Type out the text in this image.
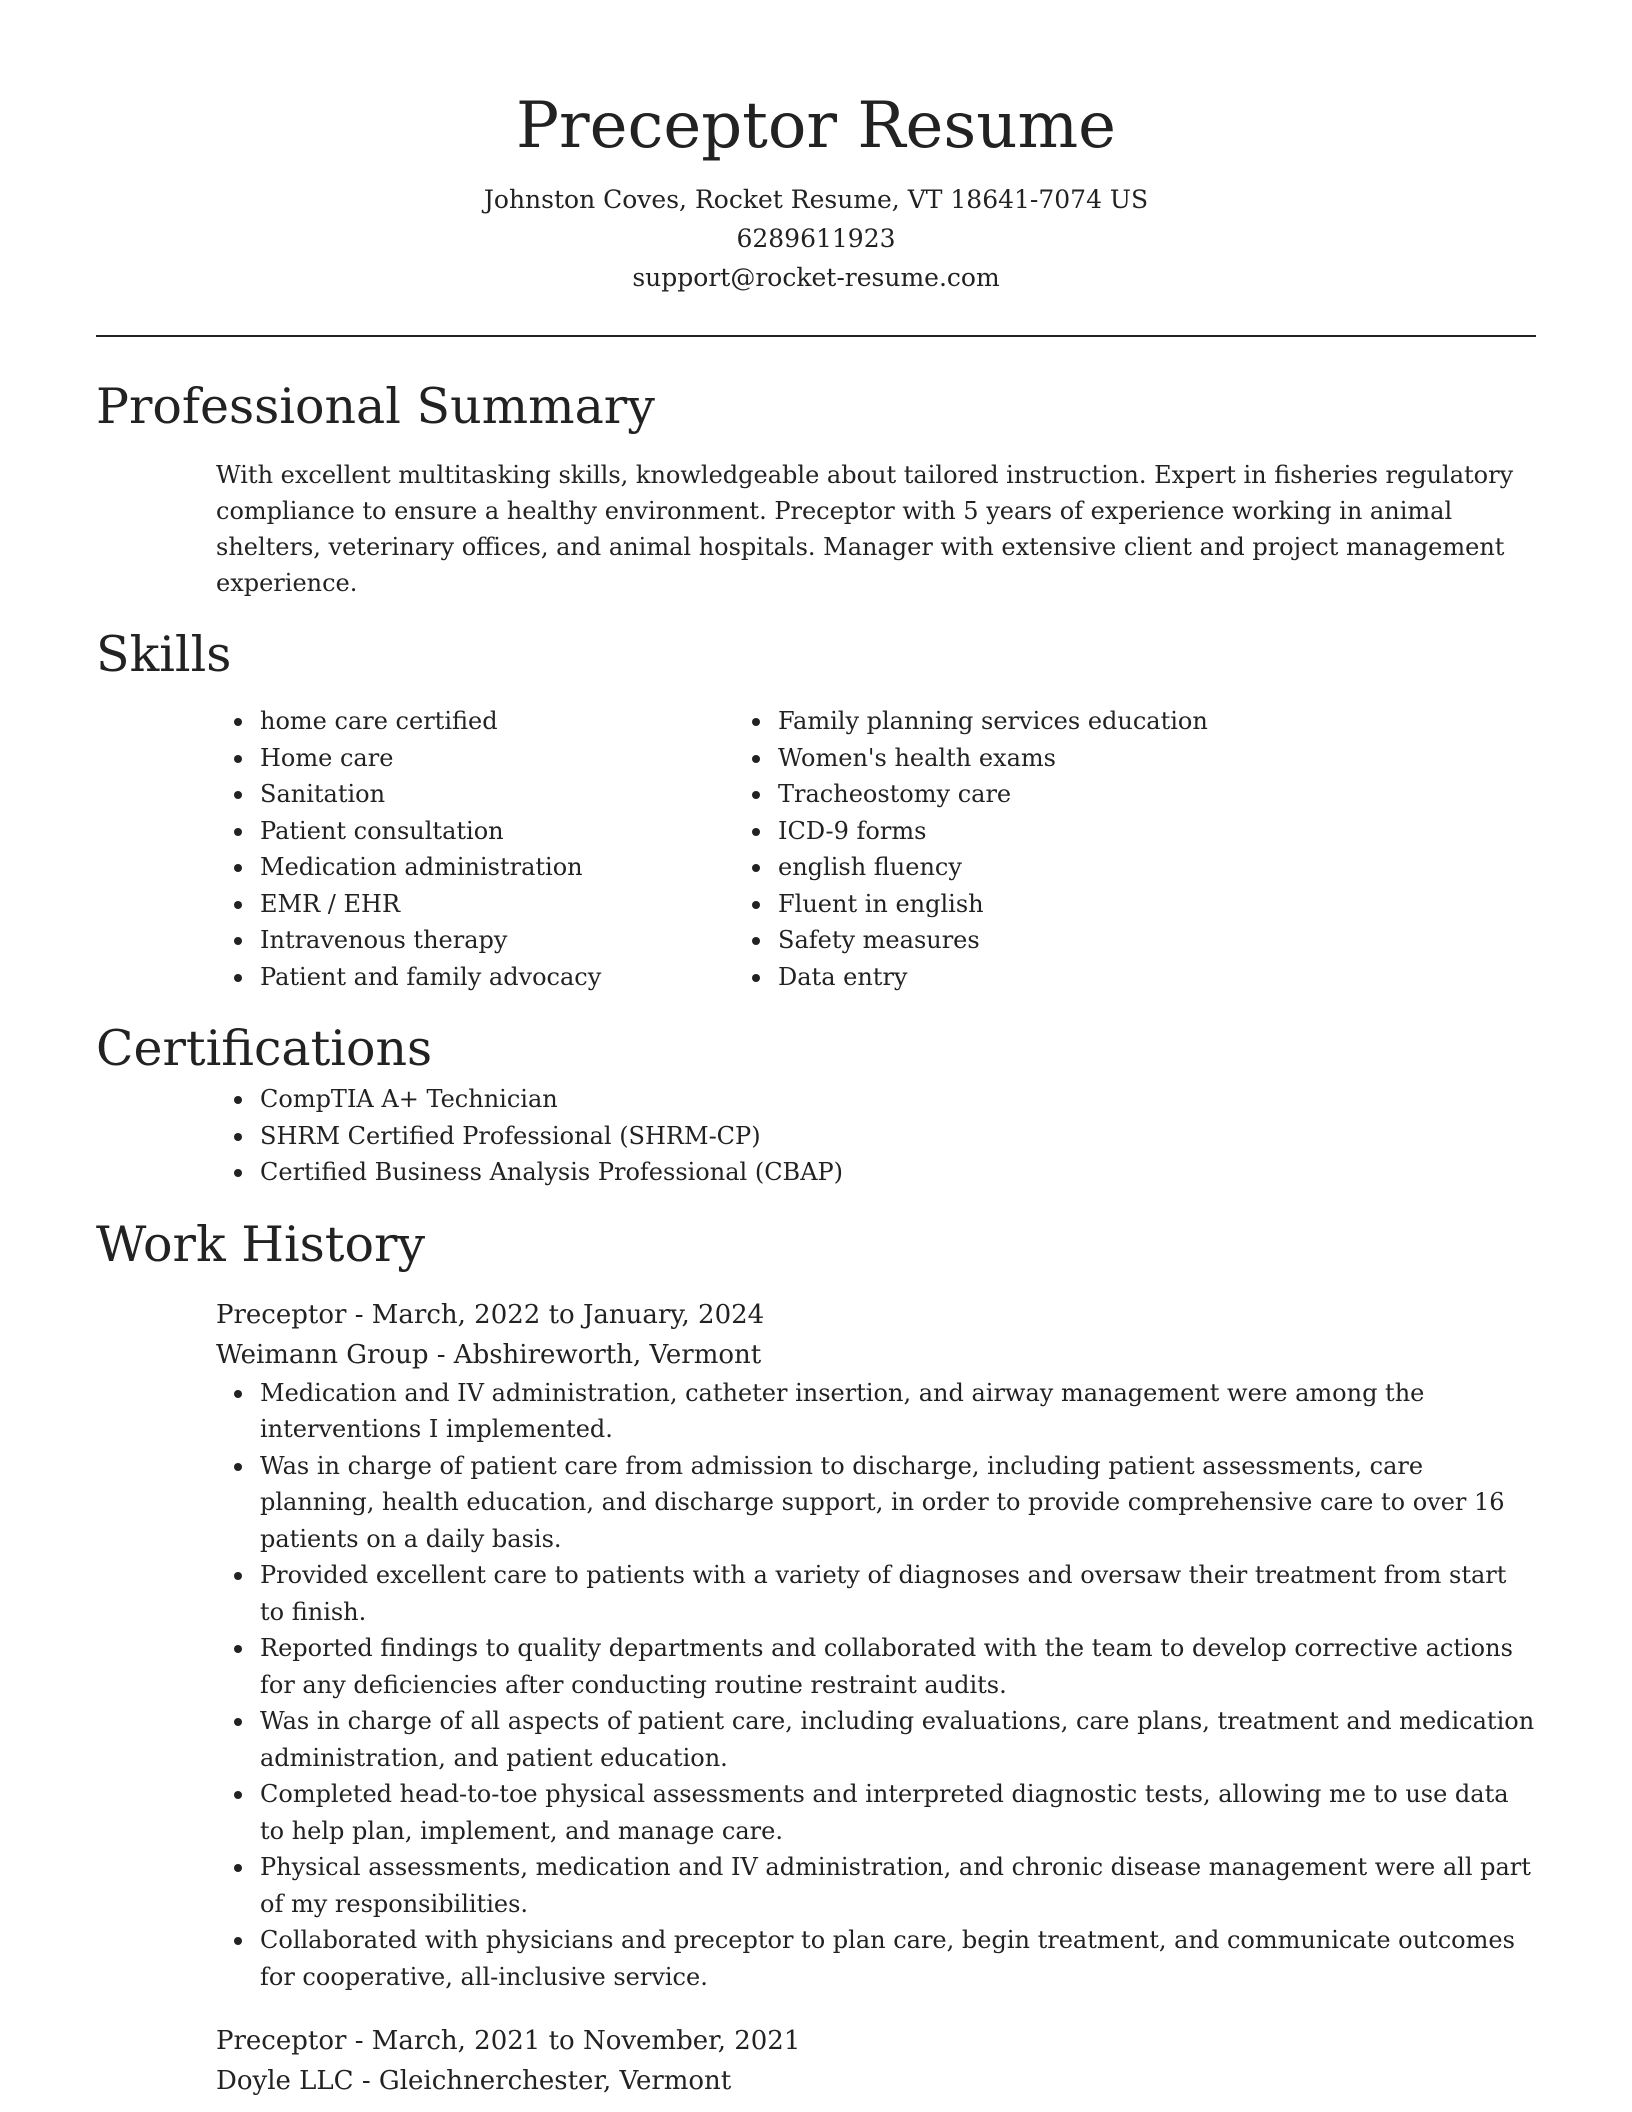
Preceptor Resume

Johnston Coves, Rocket Resume, VT 18641-7074 US

6289611923

support@rocket-resume.com

Professional Summary

With excellent multitasking skills, knowledgeable about tailored instruction. Expert in fisheries regulatory compliance to ensure a healthy environment. Preceptor with 5 years of experience working in animal shelters, veterinary offices, and animal hospitals. Manager with extensive client and project management experience.

Skills
home care certified
Home care
Sanitation
Patient consultation
Medication administration
EMR / EHR
Intravenous therapy
Patient and family advocacy
Family planning services education
Women's health exams
Tracheostomy care
ICD-9 forms
english fluency
Fluent in english
Safety measures
Data entry
Certifications
CompTIA A+ Technician
SHRM Certified Professional (SHRM-CP)
Certified Business Analysis Professional (CBAP)
Work History

Preceptor - March, 2022 to January, 2024

Weimann Group - Abshireworth, Vermont

Medication and IV administration, catheter insertion, and airway management were among the interventions I implemented.
Was in charge of patient care from admission to discharge, including patient assessments, care planning, health education, and discharge support, in order to provide comprehensive care to over 16 patients on a daily basis.
Provided excellent care to patients with a variety of diagnoses and oversaw their treatment from start to finish.
Reported findings to quality departments and collaborated with the team to develop corrective actions for any deficiencies after conducting routine restraint audits.
Was in charge of all aspects of patient care, including evaluations, care plans, treatment and medication administration, and patient education.
Completed head-to-toe physical assessments and interpreted diagnostic tests, allowing me to use data to help plan, implement, and manage care.
Physical assessments, medication and IV administration, and chronic disease management were all part of my responsibilities.
Collaborated with physicians and preceptor to plan care, begin treatment, and communicate outcomes for cooperative, all-inclusive service.

Preceptor - March, 2021 to November, 2021

Doyle LLC - Gleichnerchester, Vermont
